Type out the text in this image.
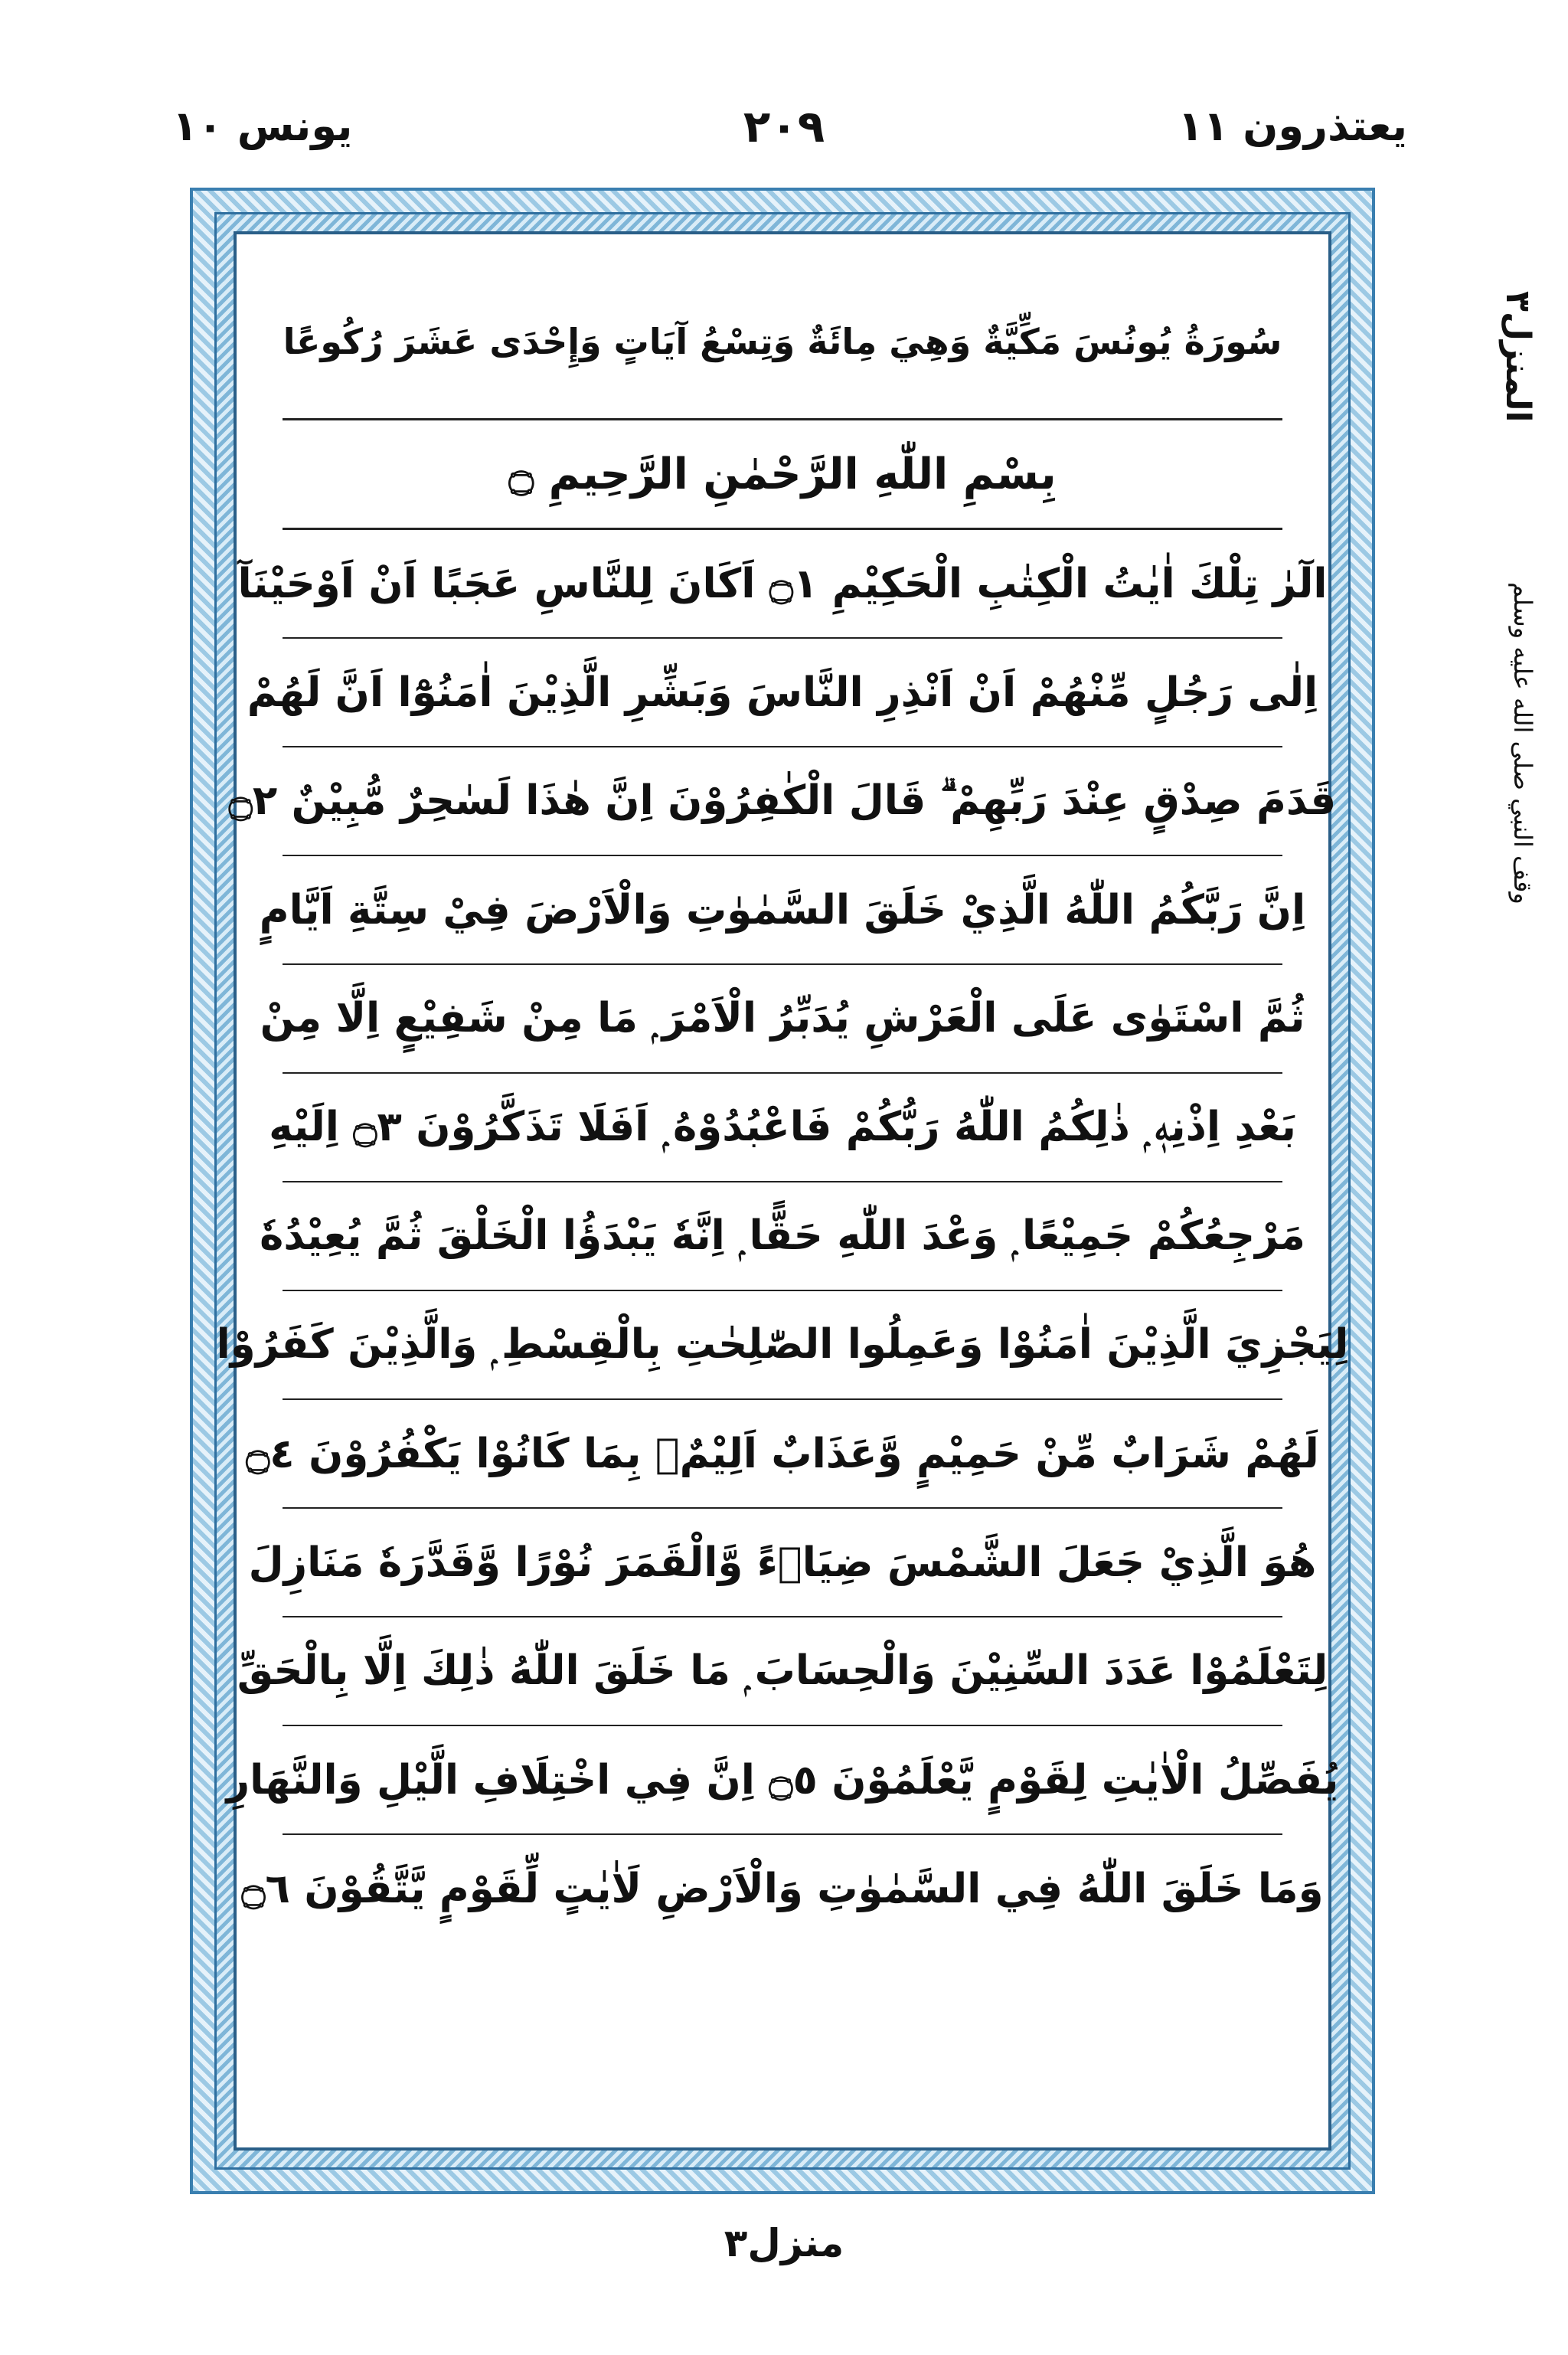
يعتذرون ١١
٢٠٩
يونس ١٠
المنزل٣
وقف النبي صلى الله عليه وسلم
سُورَةُ يُونُسَ مَكِّيَّةٌ وَهِيَ مِائَةٌ وَتِسْعُ آيَاتٍ وَإِحْدَى عَشَرَ رُكُوعًا
بِسْمِ اللّٰهِ الرَّحْمٰنِ الرَّحِيمِ ۝
الٓرٰ تِلْكَ اٰيٰتُ الْكِتٰبِ الْحَكِيْمِ ۝١ اَكَانَ لِلنَّاسِ عَجَبًا اَنْ اَوْحَيْنَآ
اِلٰى رَجُلٍ مِّنْهُمْ اَنْ اَنْذِرِ النَّاسَ وَبَشِّرِ الَّذِيْنَ اٰمَنُوْٓا اَنَّ لَهُمْ
قَدَمَ صِدْقٍ عِنْدَ رَبِّهِمْ ۗ قَالَ الْكٰفِرُوْنَ اِنَّ هٰذَا لَسٰحِرٌ مُّبِيْنٌ ۝٢
اِنَّ رَبَّكُمُ اللّٰهُ الَّذِيْ خَلَقَ السَّمٰوٰتِ وَالْاَرْضَ فِيْ سِتَّةِ اَيَّامٍ
ثُمَّ اسْتَوٰى عَلَى الْعَرْشِ يُدَبِّرُ الْاَمْرَ ۭ مَا مِنْ شَفِيْعٍ اِلَّا مِنْ
بَعْدِ اِذْنِهٖ ۭ ذٰلِكُمُ اللّٰهُ رَبُّكُمْ فَاعْبُدُوْهُ ۭ اَفَلَا تَذَكَّرُوْنَ ۝٣ اِلَيْهِ
مَرْجِعُكُمْ جَمِيْعًا ۭ وَعْدَ اللّٰهِ حَقًّا ۭ اِنَّهٗ يَبْدَؤُا الْخَلْقَ ثُمَّ يُعِيْدُهٗ
لِيَجْزِيَ الَّذِيْنَ اٰمَنُوْا وَعَمِلُوا الصّٰلِحٰتِ بِالْقِسْطِ ۭ وَالَّذِيْنَ كَفَرُوْا
لَهُمْ شَرَابٌ مِّنْ حَمِيْمٍ وَّعَذَابٌ اَلِيْمٌۢ بِمَا كَانُوْا يَكْفُرُوْنَ ۝٤
هُوَ الَّذِيْ جَعَلَ الشَّمْسَ ضِيَاۗءً وَّالْقَمَرَ نُوْرًا وَّقَدَّرَهٗ مَنَازِلَ
لِتَعْلَمُوْا عَدَدَ السِّنِيْنَ وَالْحِسَابَ ۭ مَا خَلَقَ اللّٰهُ ذٰلِكَ اِلَّا بِالْحَقِّ
يُفَصِّلُ الْاٰيٰتِ لِقَوْمٍ يَّعْلَمُوْنَ ۝٥ اِنَّ فِي اخْتِلَافِ الَّيْلِ وَالنَّهَارِ
وَمَا خَلَقَ اللّٰهُ فِي السَّمٰوٰتِ وَالْاَرْضِ لَاٰيٰتٍ لِّقَوْمٍ يَّتَّقُوْنَ ۝٦
منزل٣
